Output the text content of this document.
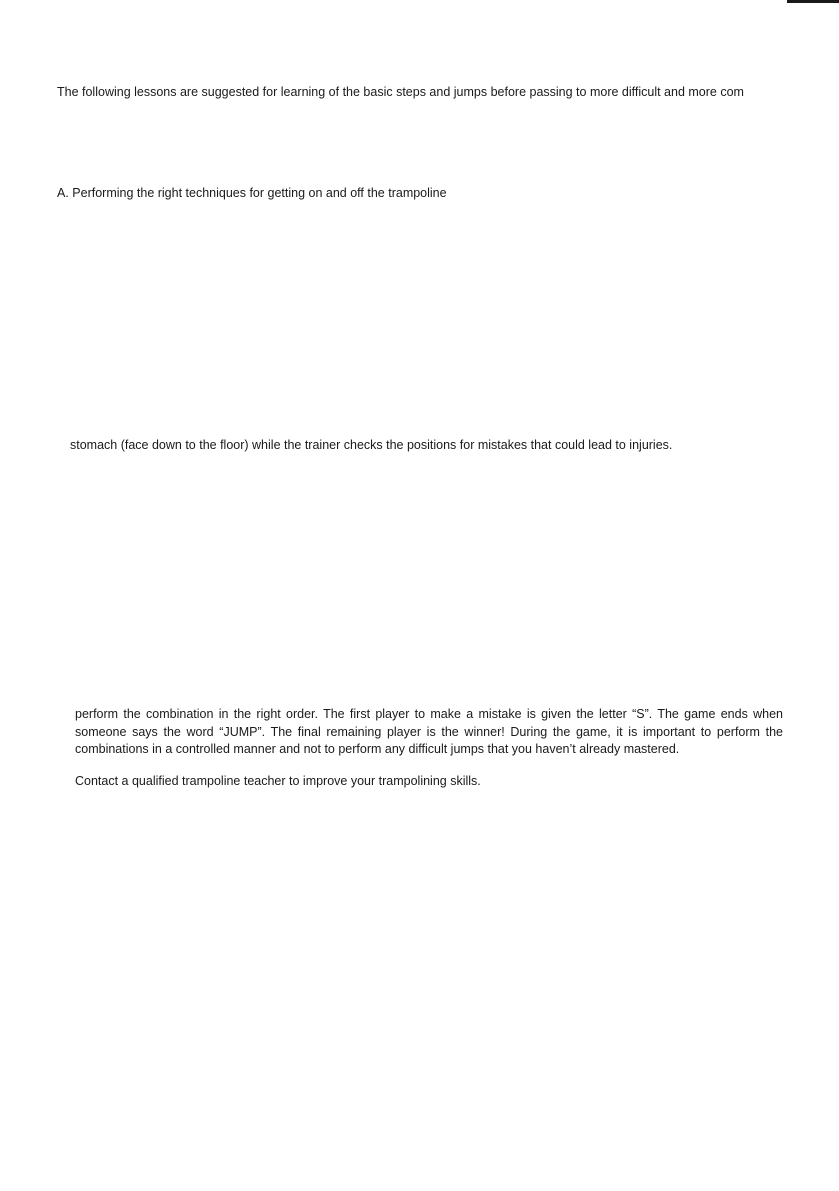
The following lessons are suggested for learning of the basic steps and jumps before passing to more difficult and more com
A. Performing the right techniques for getting on and off the trampoline
stomach (face down to the floor) while the trainer checks the positions for mistakes that could lead to injuries.
perform the combination in the right order. The first player to make a mistake is given the letter “S”. The game ends when
someone says the word “JUMP”. The final remaining player is the winner! During the game, it is important to perform the
combinations in a controlled manner and not to perform any difficult jumps that you haven’t already mastered.
Contact a qualified trampoline teacher to improve your trampolining skills.
